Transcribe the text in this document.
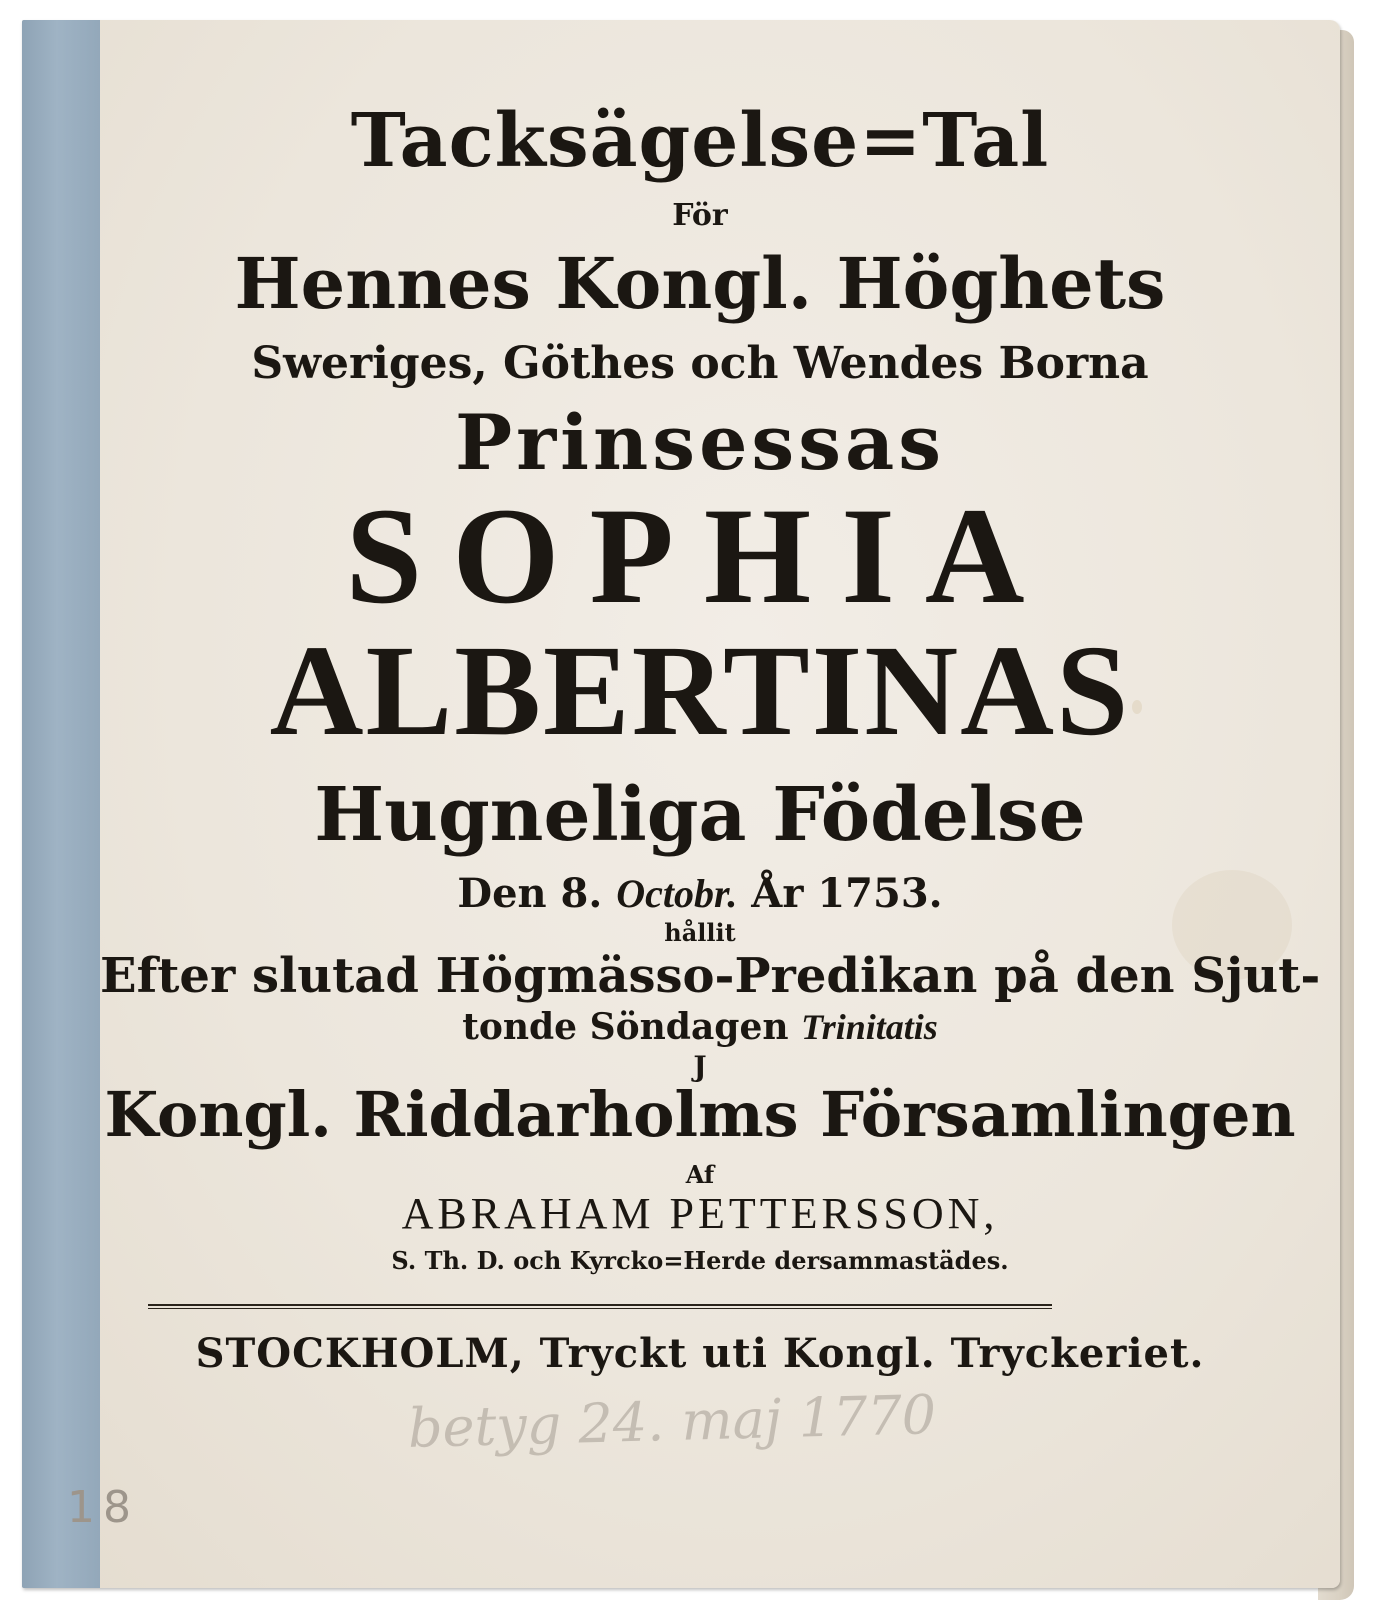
Tacksägelse=Tal
För
Hennes Kongl. Höghets
Sweriges, Göthes och Wendes Borna
Prinsessas
SOPHIA
ALBERTINAS
Hugneliga Födelse
Den 8. Octobr. År 1753.
hållit
Efter slutad Högmässo-Predikan på den Sjut-
tonde Söndagen Trinitatis
J
Kongl. Riddarholms Församlingen
Af
ABRAHAM PETTERSSON,
S. Th. D. och Kyrcko=Herde dersammastädes.
STOCKHOLM, Tryckt uti Kongl. Tryckeriet.
betyg 24. maj 1770
18
